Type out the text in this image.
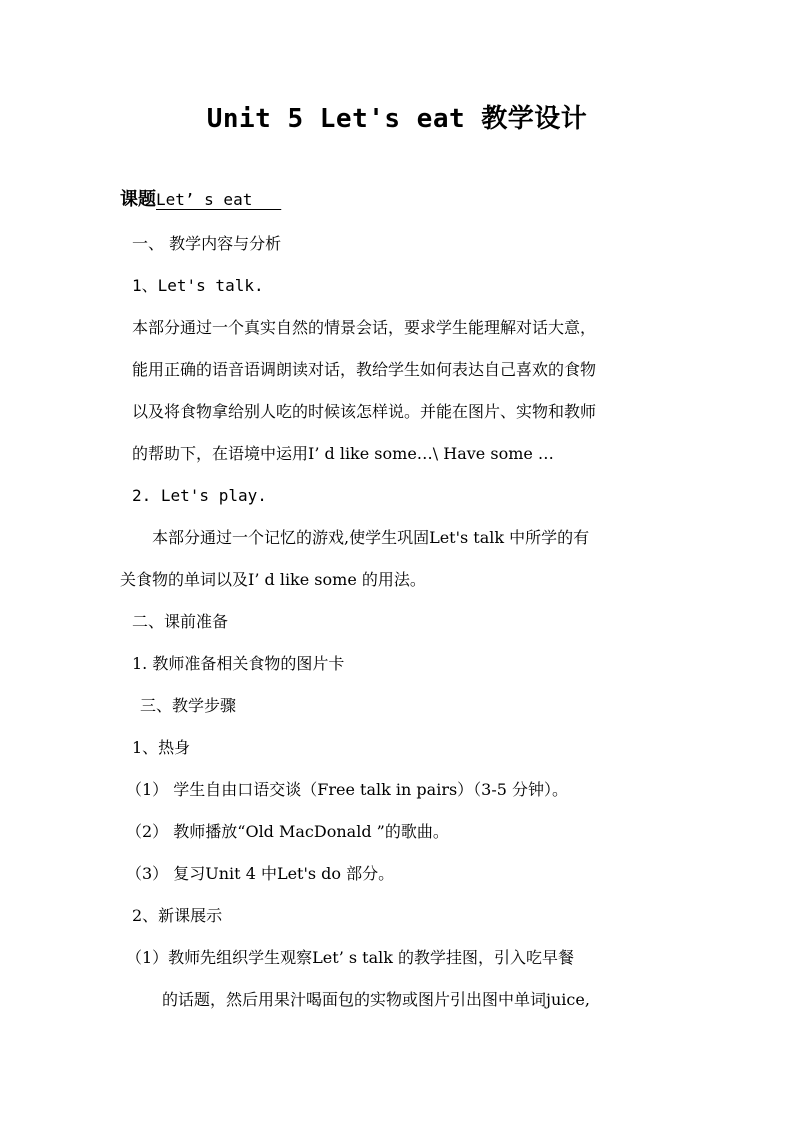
Unit 5 Let's eat 教学设计
课题Let’ s eat
一、 教学内容与分析
1、Let's talk.
本部分通过一个真实自然的情景会话，要求学生能理解对话大意，
能用正确的语音语调朗读对话，教给学生如何表达自己喜欢的食物
以及将食物拿给别人吃的时候该怎样说。并能在图片、实物和教师
的帮助下，在语境中运用I’ d like some…\ Have some …
2. Let's play.
本部分通过一个记忆的游戏,使学生巩固Let's talk 中所学的有
关食物的单词以及I’ d like some 的用法。
二、课前准备
1. 教师准备相关食物的图片卡
三、教学步骤
1、热身
（1） 学生自由口语交谈（Free talk in pairs）（3-5 分钟）。
（2） 教师播放“Old MacDonald ”的歌曲。
（3） 复习Unit 4 中Let's do 部分。
2、新课展示
（1）教师先组织学生观察Let’ s talk 的教学挂图，引入吃早餐
的话题，然后用果汁喝面包的实物或图片引出图中单词juice,
